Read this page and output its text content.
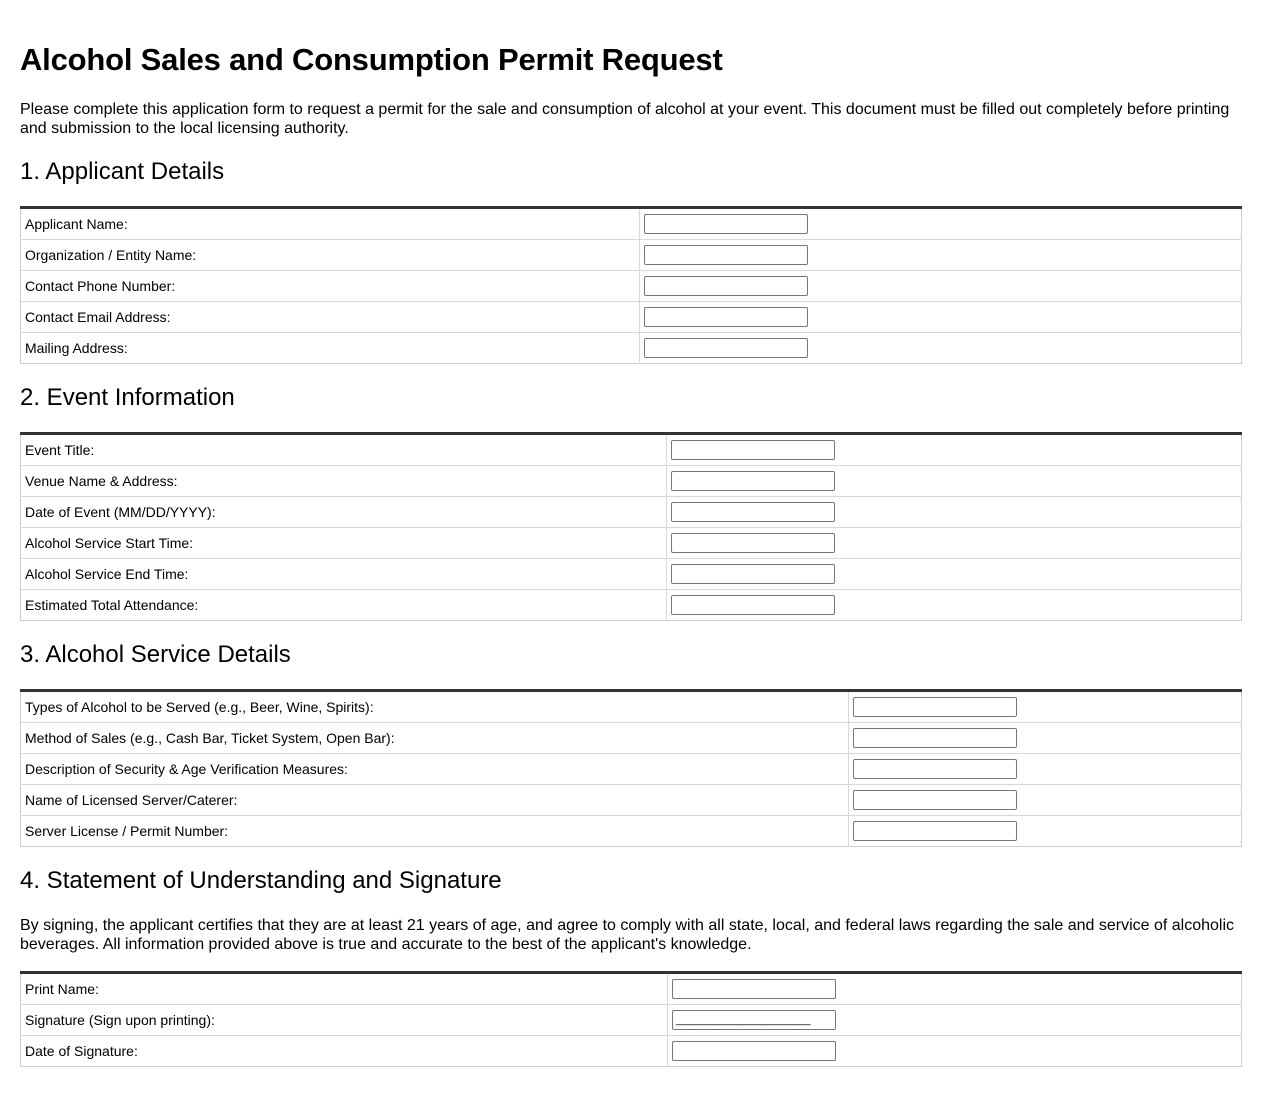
Alcohol Sales and Consumption Permit Request

Please complete this application form to request a permit for the sale and consumption of alcohol at your event. This document must be filled out completely before printing and submission to the local licensing authority.

1. Applicant Details
Applicant Name:	

Organization / Entity Name:	

Contact Phone Number:	

Contact Email Address:	

Mailing Address:	
2. Event Information
Event Title:	

Venue Name & Address:	

Date of Event (MM/DD/YYYY):	

Alcohol Service Start Time:	

Alcohol Service End Time:	

Estimated Total Attendance:	
3. Alcohol Service Details
Types of Alcohol to be Served (e.g., Beer, Wine, Spirits):	

Method of Sales (e.g., Cash Bar, Ticket System, Open Bar):	

Description of Security & Age Verification Measures:	

Name of Licensed Server/Caterer:	

Server License / Permit Number:	
4. Statement of Understanding and Signature

By signing, the applicant certifies that they are at least 21 years of age, and agree to comply with all state, local, and federal laws regarding the sale and service of alcoholic beverages. All information provided above is true and accurate to the best of the applicant's knowledge.

Print Name:	

Signature (Sign upon printing):	______________________

Date of Signature:	
